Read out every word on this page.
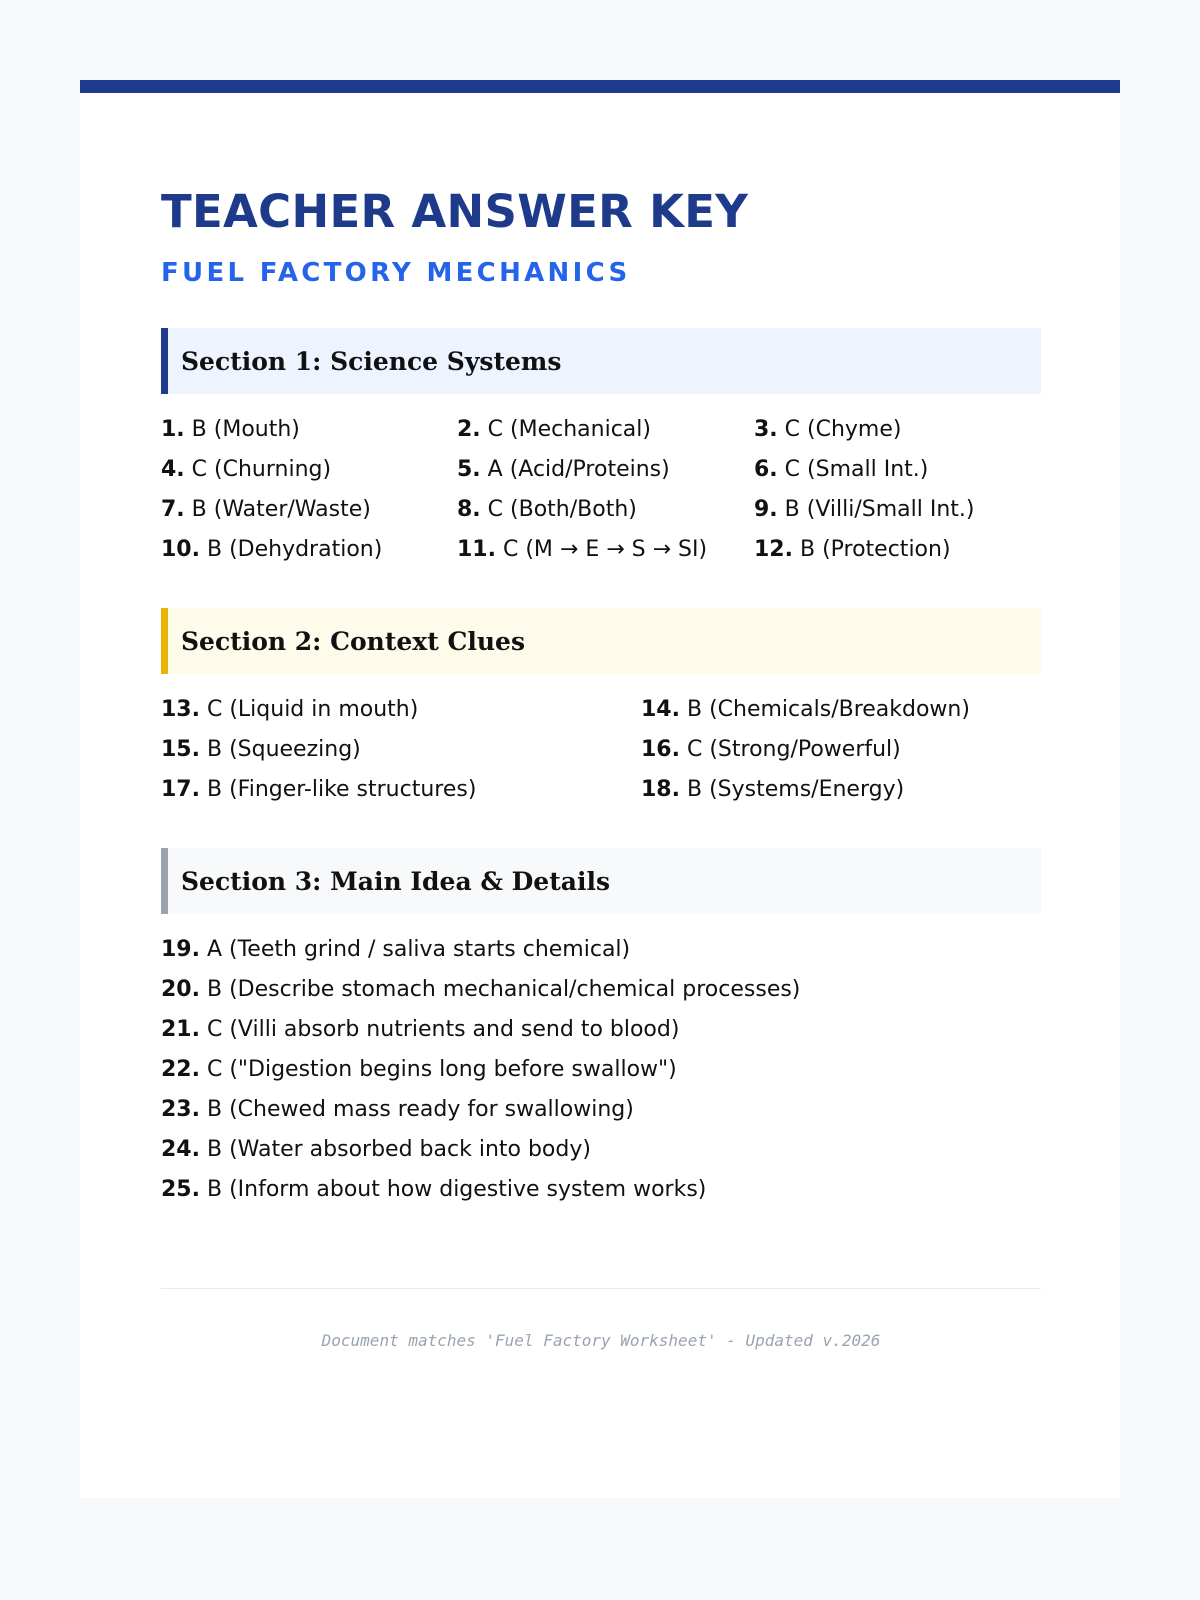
TEACHER ANSWER KEY
FUEL FACTORY MECHANICS
Section 1: Science Systems
1. B (Mouth)	2. C (Mechanical)	3. C (Chyme)
4. C (Churning)	5. A (Acid/Proteins)	6. C (Small Int.)
7. B (Water/Waste)	8. C (Both/Both)	9. B (Villi/Small Int.)
10. B (Dehydration)	11. C (M → E → S → SI) 12. B (Protection)
Section 2: Context Clues
13. C (Liquid in mouth)	14. B (Chemicals/Breakdown)
15. B (Squeezing)	16. C (Strong/Powerful)
17. B (Finger-like structures)	18. B (Systems/Energy)
Section 3: Main Idea & Details
19. A (Teeth grind / saliva starts chemical)
20. B (Describe stomach mechanical/chemical processes)
21. C (Villi absorb nutrients and send to blood)
22. C ("Digestion begins long before swallow")
23. B (Chewed mass ready for swallowing)
24. B (Water absorbed back into body)
25. B (Inform about how digestive system works)
Document matches 'Fuel Factory Worksheet' - Updated v.2026
